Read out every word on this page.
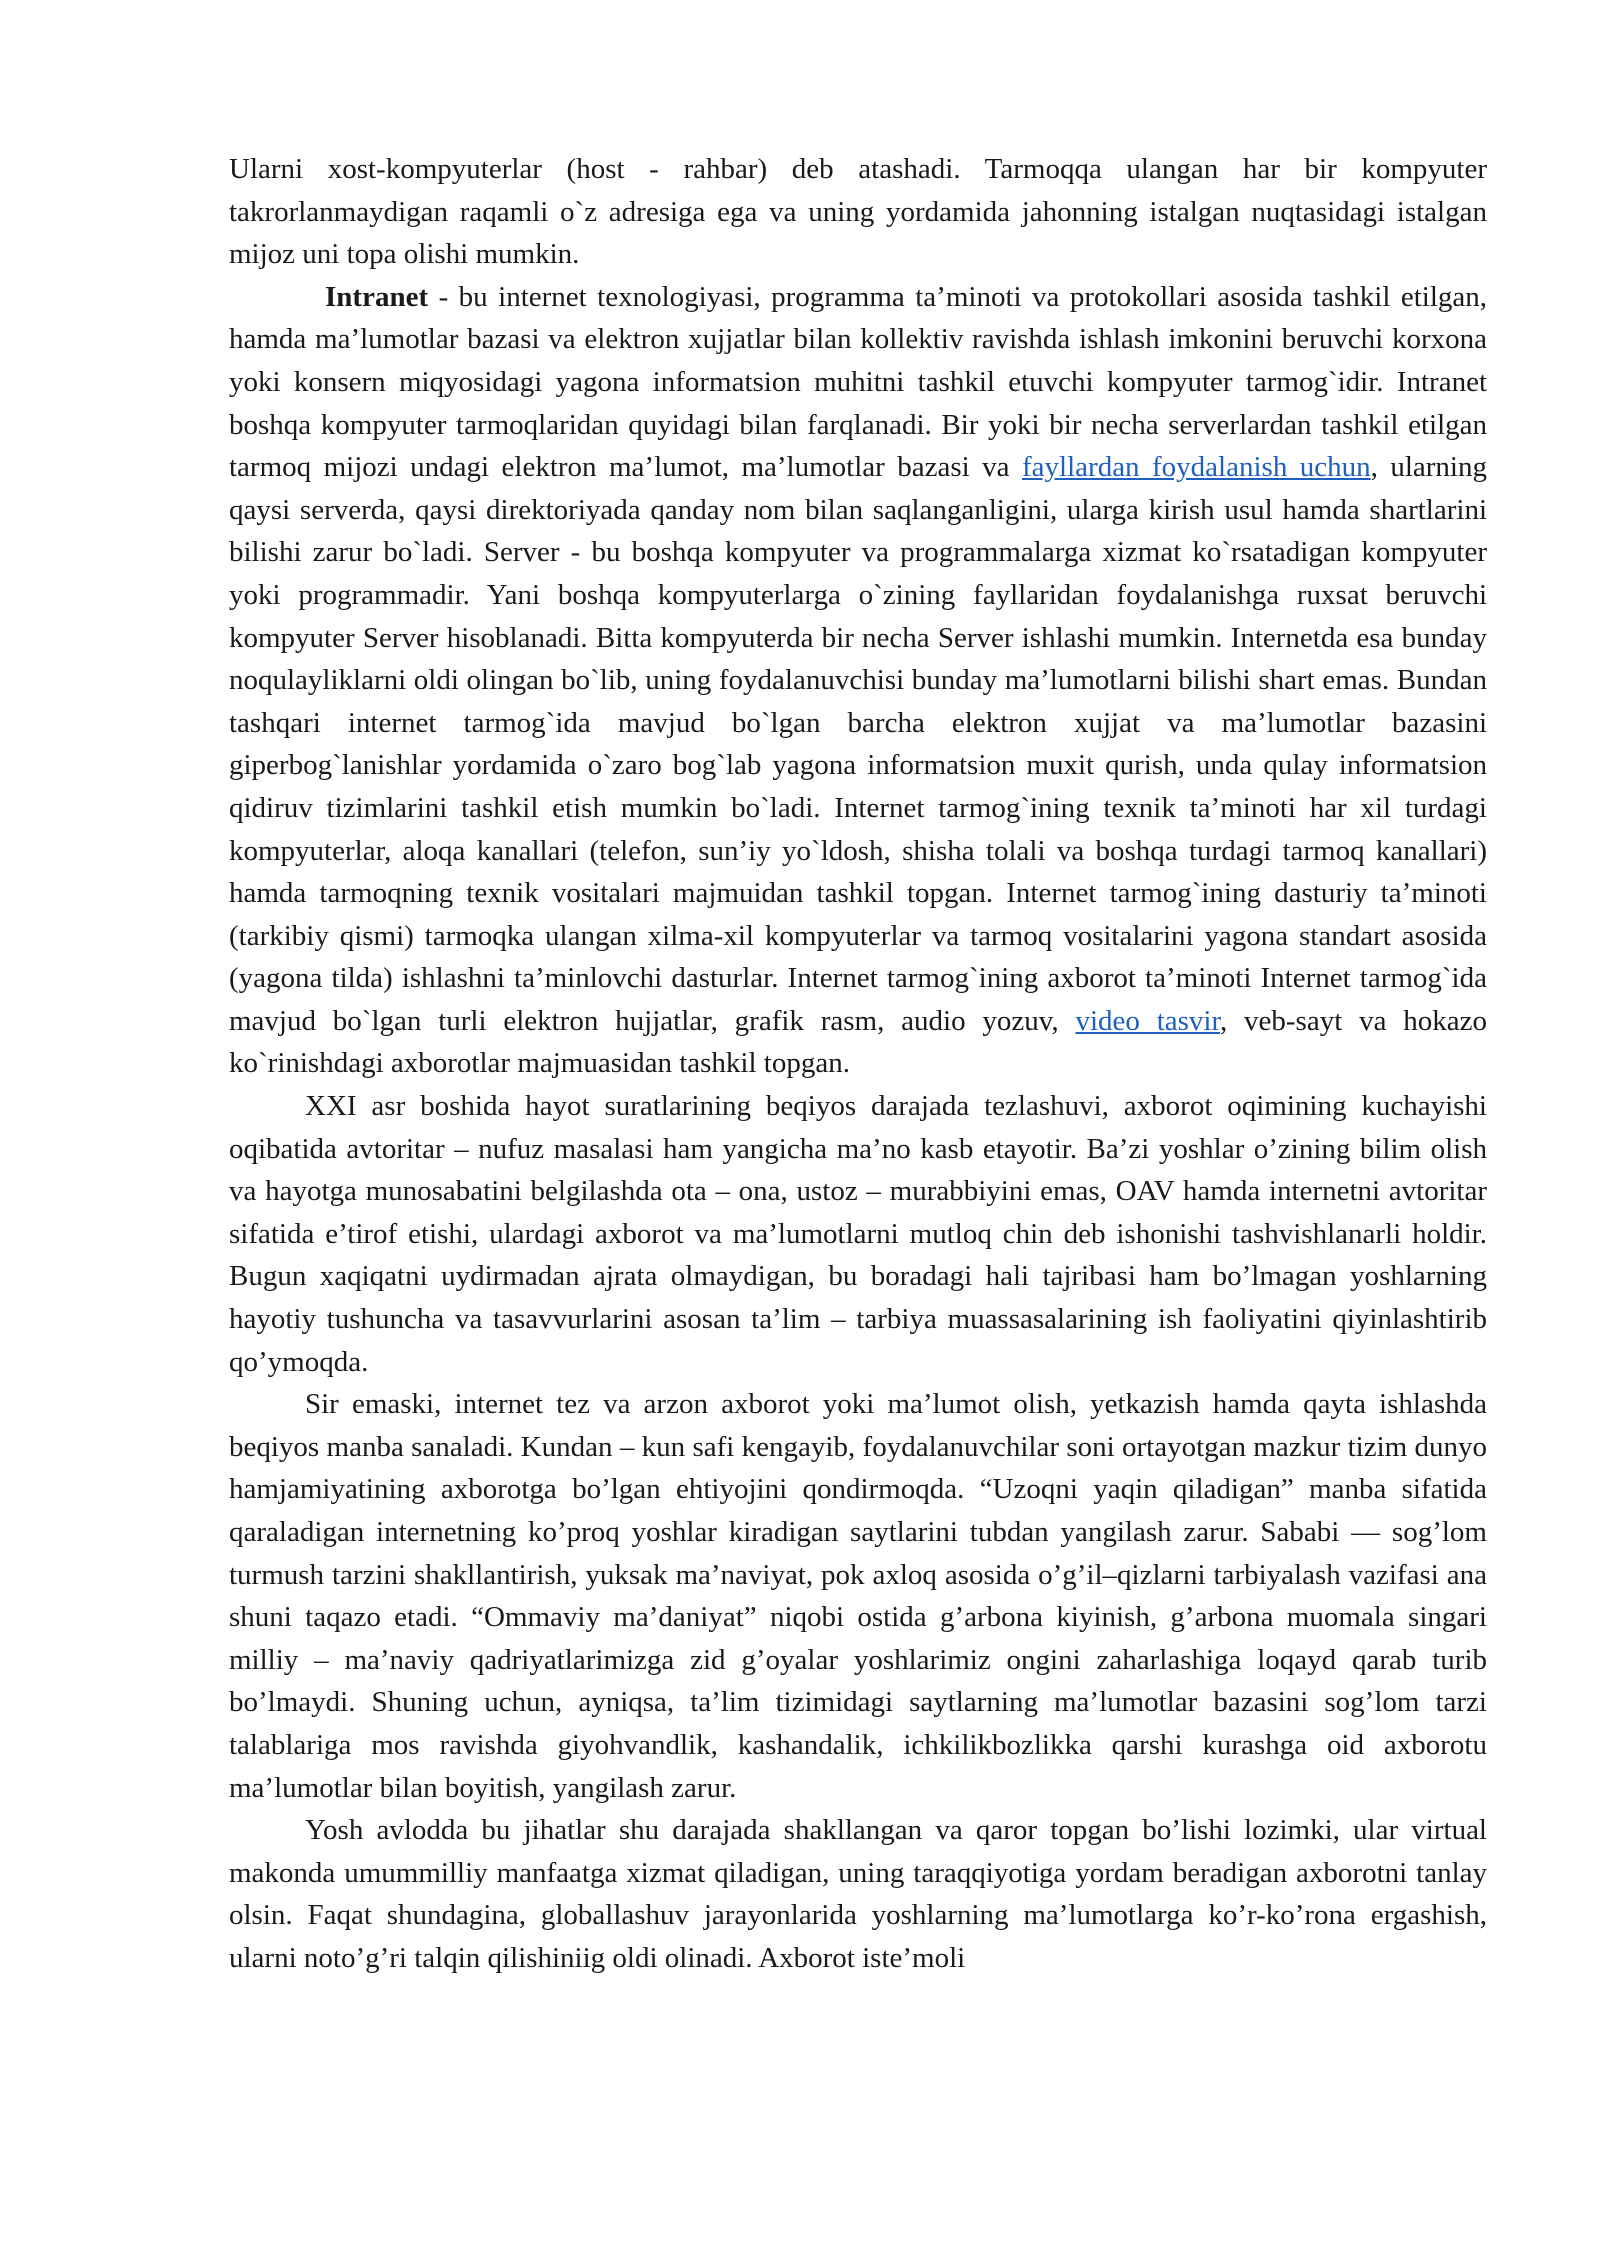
Ularni xost-kompyuterlar (host - rahbar) deb atashadi. Tarmoqqa ulangan har bir kompyuter takrorlanmaydigan raqamli o`z adresiga ega va uning yordamida jahonning istalgan nuqtasidagi istalgan mijoz uni topa olishi mumkin.

Intranet - bu internet texnologiyasi, programma ta’minoti va protokollari asosida tashkil etilgan, hamda ma’lumotlar bazasi va elektron xujjatlar bilan kollektiv ravishda ishlash imkonini beruvchi korxona yoki konsern miqyosidagi yagona informatsion muhitni tashkil etuvchi kompyuter tarmog`idir. Intranet boshqa kompyuter tarmoqlaridan quyidagi bilan farqlanadi. Bir yoki bir necha serverlardan tashkil etilgan tarmoq mijozi undagi elektron ma’lumot, ma’lumotlar bazasi va fayllardan foydalanish uchun, ularning qaysi serverda, qaysi direktoriyada qanday nom bilan saqlanganligini, ularga kirish usul hamda shartlarini bilishi zarur bo`ladi. Server - bu boshqa kompyuter va programmalarga xizmat ko`rsatadigan kompyuter yoki programmadir. Yani boshqa kompyuterlarga o`zining fayllaridan foydalanishga ruxsat beruvchi kompyuter Server hisoblanadi. Bitta kompyuterda bir necha Server ishlashi mumkin. Internetda esa bunday noqulayliklarni oldi olingan bo`lib, uning foydalanuvchisi bunday ma’lumotlarni bilishi shart emas. Bundan tashqari internet tarmog`ida mavjud bo`lgan barcha elektron xujjat va ma’lumotlar bazasini giperbog`lanishlar yordamida o`zaro bog`lab yagona informatsion muxit qurish, unda qulay informatsion qidiruv tizimlarini tashkil etish mumkin bo`ladi. Internet tarmog`ining texnik ta’minoti har xil turdagi kompyuterlar, aloqa kanallari (telefon, sun’iy yo`ldosh, shisha tolali va boshqa turdagi tarmoq kanallari) hamda tarmoqning texnik vositalari majmuidan tashkil topgan. Internet tarmog`ining dasturiy ta’minoti (tarkibiy qismi) tarmoqka ulangan xilma-xil kompyuterlar va tarmoq vositalarini yagona standart asosida (yagona tilda) ishlashni ta’minlovchi dasturlar. Internet tarmog`ining axborot ta’minoti Internet tarmog`ida mavjud bo`lgan turli elektron hujjatlar, grafik rasm, audio yozuv, video tasvir, veb-sayt va hokazo ko`rinishdagi axborotlar majmuasidan tashkil topgan.

XXI asr boshida hayot suratlarining beqiyos darajada tezlashuvi, axborot oqimining kuchayishi oqibatida avtoritar – nufuz masalasi ham yangicha ma’no kasb etayotir. Ba’zi yoshlar o’zining bilim olish va hayotga munosabatini belgilashda ota – ona, ustoz – murabbiyini emas, OAV hamda internetni avtoritar sifatida e’tirof etishi, ulardagi axborot va ma’lumotlarni mutloq chin deb ishonishi tashvishlanarli holdir. Bugun xaqiqatni uydirmadan ajrata olmaydigan, bu boradagi hali tajribasi ham bo’lmagan yoshlarning hayotiy tushuncha va tasavvurlarini asosan ta’lim – tarbiya muassasalarining ish faoliyatini qiyinlashtirib qo’ymoqda.

Sir emaski, internet tez va arzon axborot yoki ma’lumot olish, yetkazish hamda qayta ishlashda beqiyos manba sanaladi. Kundan – kun safi kengayib, foydalanuvchilar soni ortayotgan mazkur tizim dunyo hamjamiyatining axborotga bo’lgan ehtiyojini qondirmoqda. “Uzoqni yaqin qiladigan” manba sifatida qaraladigan internetning ko’proq yoshlar kiradigan saytlarini tubdan yangilash zarur. Sababi — sog’lom turmush tarzini shakllantirish, yuksak ma’naviyat, pok axloq asosida o’g’il–qizlarni tarbiyalash vazifasi ana shuni taqazo etadi. “Ommaviy ma’daniyat” niqobi ostida g’arbona kiyinish, g’arbona muomala singari milliy – ma’naviy qadriyatlarimizga zid g’oyalar yoshlarimiz ongini zaharlashiga loqayd qarab turib bo’lmaydi. Shuning uchun, ayniqsa, ta’lim tizimidagi saytlarning ma’lumotlar bazasini sog’lom tarzi talablariga mos ravishda giyohvandlik, kashandalik, ichkilikbozlikka qarshi kurashga oid axborotu ma’lumotlar bilan boyitish, yangilash zarur.

Yosh avlodda bu jihatlar shu darajada shakllangan va qaror topgan bo’lishi lozimki, ular virtual makonda umummilliy manfaatga xizmat qiladigan, uning taraqqiyotiga yordam beradigan axborotni tanlay olsin. Faqat shundagina, globallashuv jarayonlarida yoshlarning ma’lumotlarga ko’r-ko’rona ergashish, ularni noto’g’ri talqin qilishiniig oldi olinadi. Axborot iste’moli
